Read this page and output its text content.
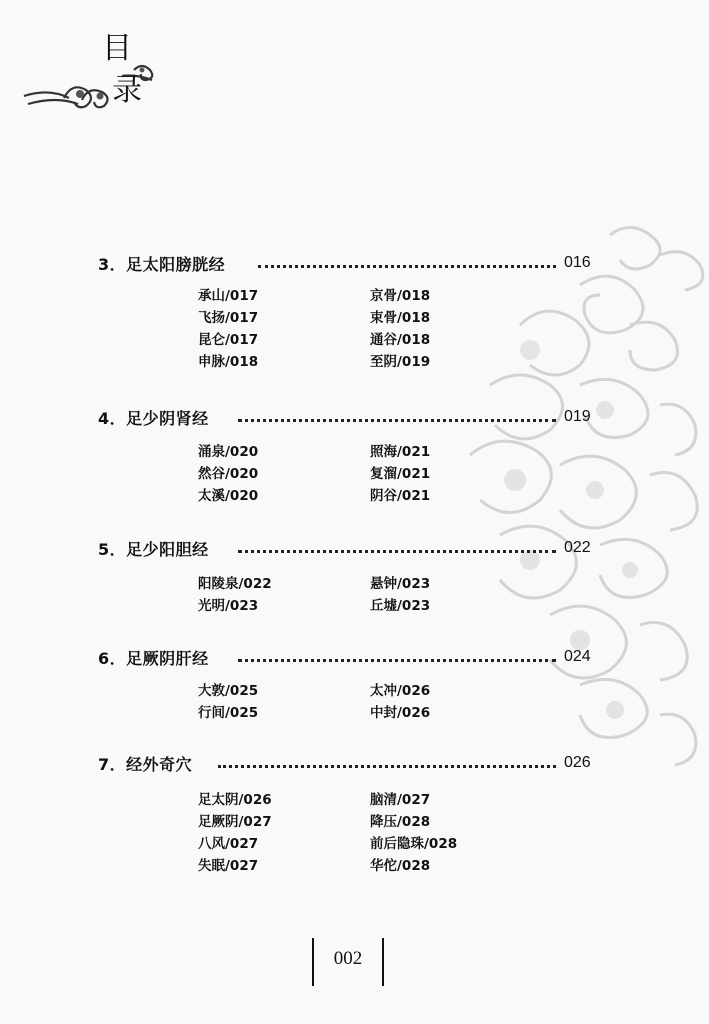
目
录
3．足太阳膀胱经	016
承山/017	京骨/018
飞扬/017	束骨/018
昆仑/017	通谷/018
申脉/018	至阴/019
4．足少阴肾经	019
涌泉/020	照海/021
然谷/020	复溜/021
太溪/020	阴谷/021
5．足少阳胆经	022
阳陵泉/022	悬钟/023
光明/023	丘墟/023
6．足厥阴肝经	024
大敦/025	太冲/026
行间/025	中封/026
7．经外奇穴	026
足太阴/026	脑清/027
足厥阴/027	降压/028
八风/027	前后隐珠/028
失眠/027	华佗/028
002
